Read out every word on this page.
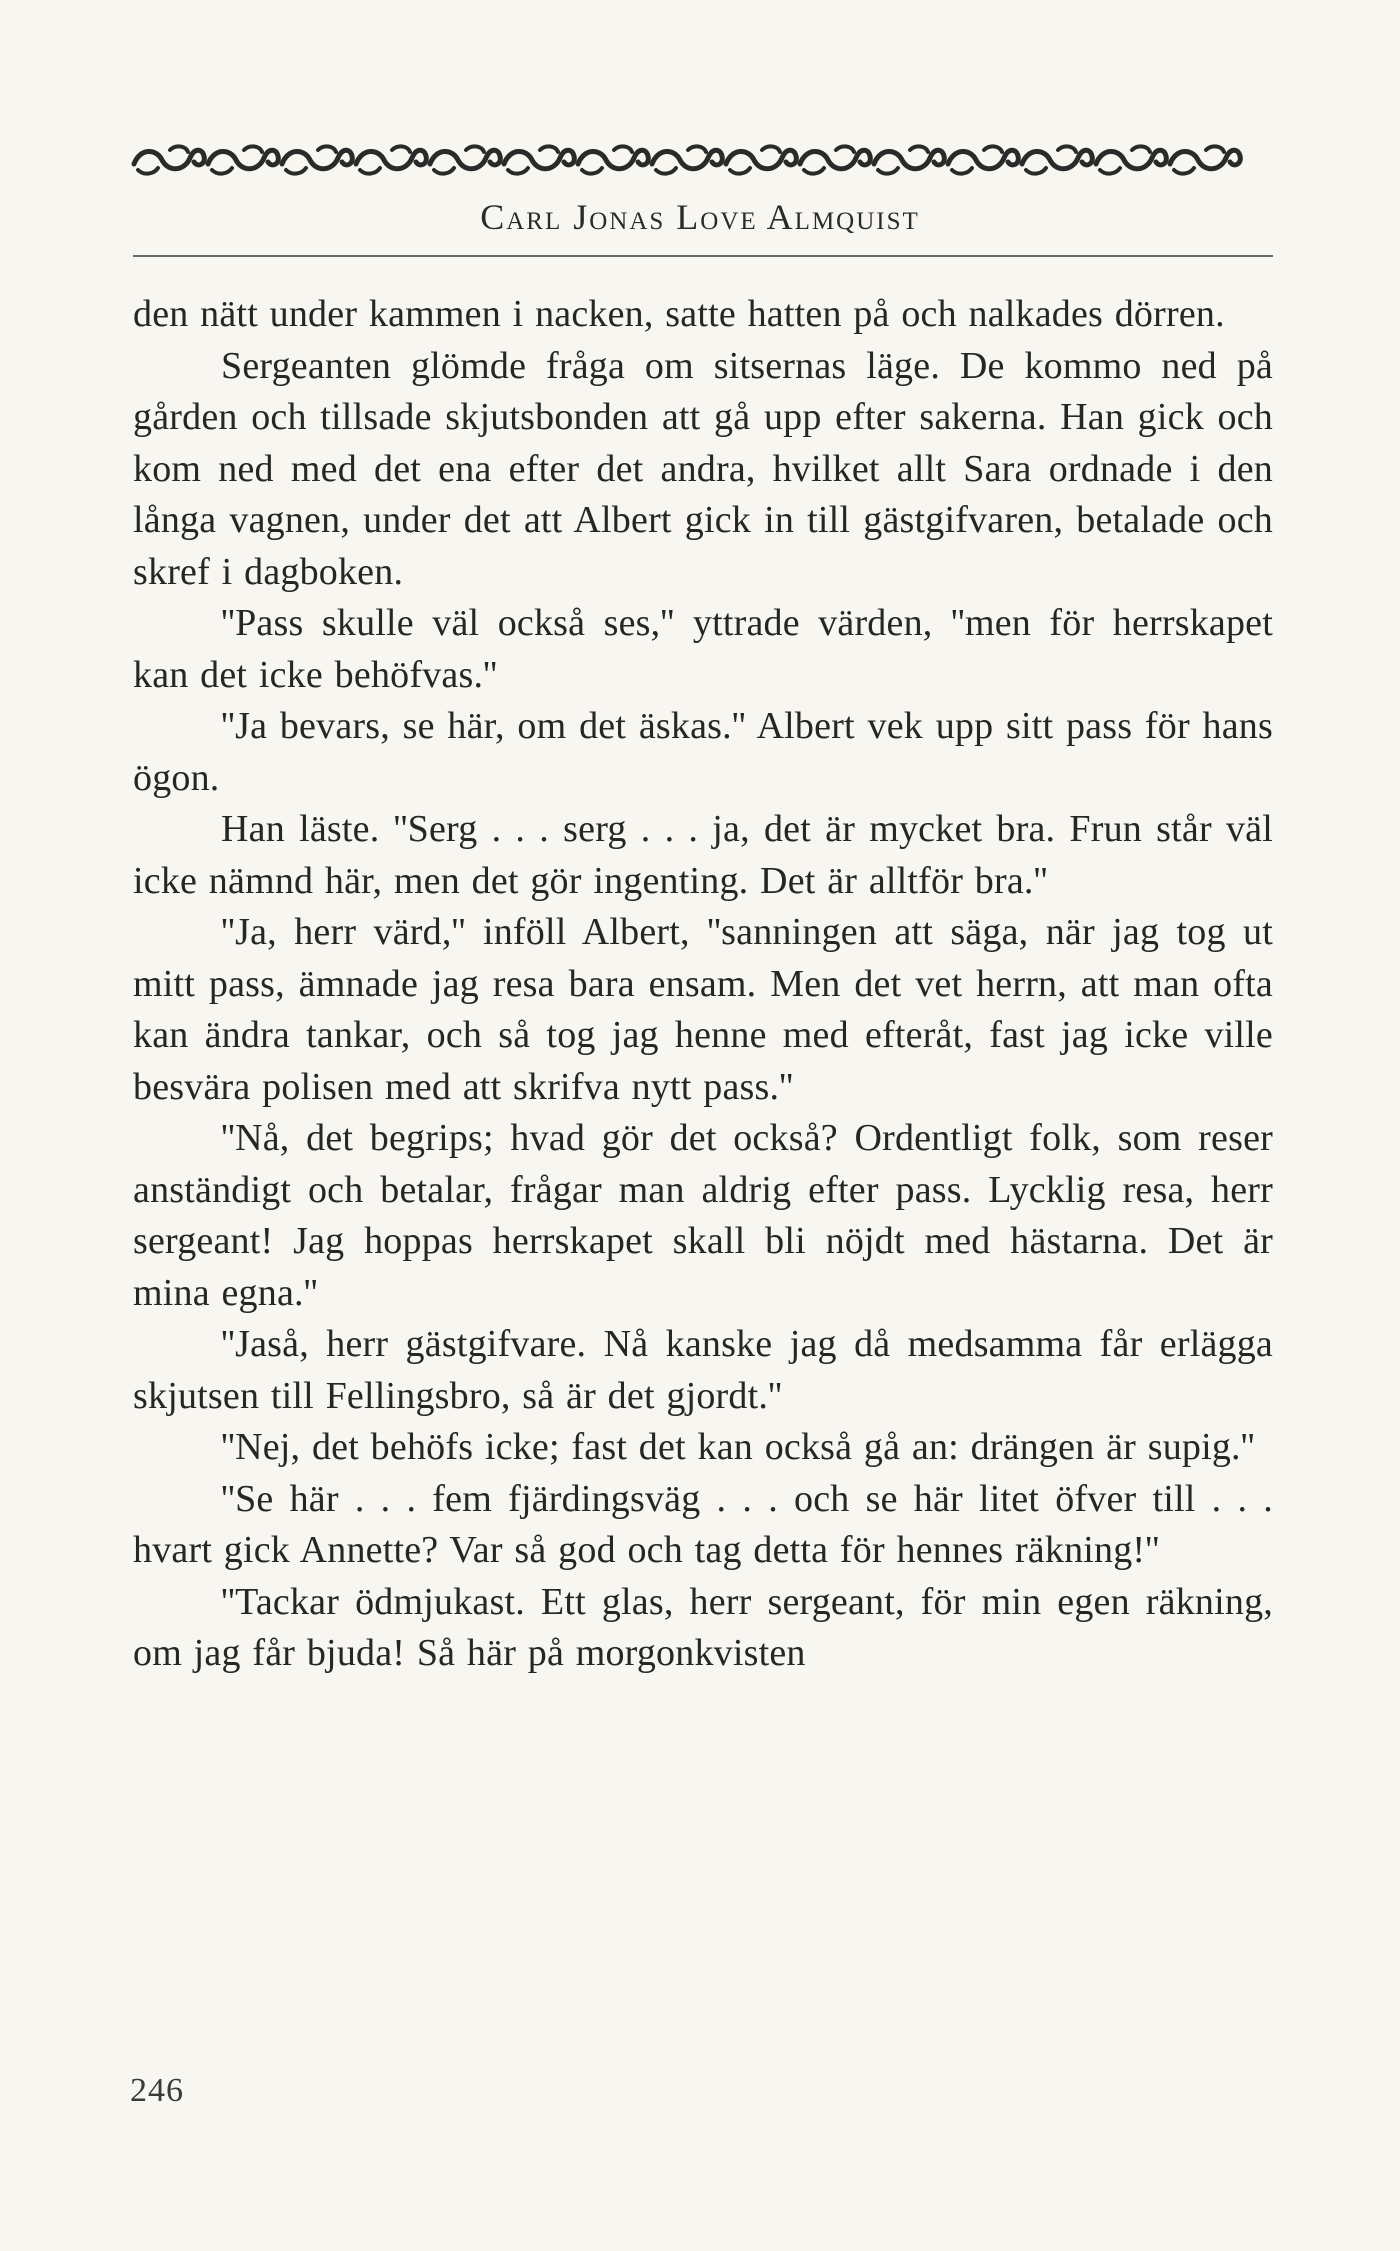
Carl Jonas Love Almquist

den nätt under kammen i nacken, satte hatten på och nalkades dörren.

Sergeanten glömde fråga om sitsernas läge. De kommo ned på gården och tillsade skjutsbonden att gå upp efter sakerna. Han gick och kom ned med det ena efter det andra, hvilket allt Sara ordnade i den långa vagnen, under det att Albert gick in till gästgifvaren, betalade och skref i dagboken.

''Pass skulle väl också ses,'' yttrade värden, ''men för herrskapet kan det icke behöfvas.''

''Ja bevars, se här, om det äskas.'' Albert vek upp sitt pass för hans ögon.

Han läste. ''Serg . . . serg . . . ja, det är mycket bra. Frun står väl icke nämnd här, men det gör ingenting. Det är alltför bra.''

''Ja, herr värd,'' inföll Albert, ''sanningen att säga, när jag tog ut mitt pass, ämnade jag resa bara ensam. Men det vet herrn, att man ofta kan ändra tankar, och så tog jag henne med efteråt, fast jag icke ville besvära polisen med att skrifva nytt pass.''

''Nå, det begrips; hvad gör det också? Ordentligt folk, som reser anständigt och betalar, frågar man aldrig efter pass. Lycklig resa, herr sergeant! Jag hoppas herrskapet skall bli nöjdt med hästarna. Det är mina egna.''

''Jaså, herr gästgifvare. Nå kanske jag då medsamma får erlägga skjutsen till Fellingsbro, så är det gjordt.''

''Nej, det behöfs icke; fast det kan också gå an: drängen är supig.''

''Se här . . . fem fjärdingsväg . . . och se här litet öfver till . . . hvart gick Annette? Var så god och tag detta för hennes räkning!''

''Tackar ödmjukast. Ett glas, herr sergeant, för min egen räkning, om jag får bjuda! Så här på morgonkvisten

246
